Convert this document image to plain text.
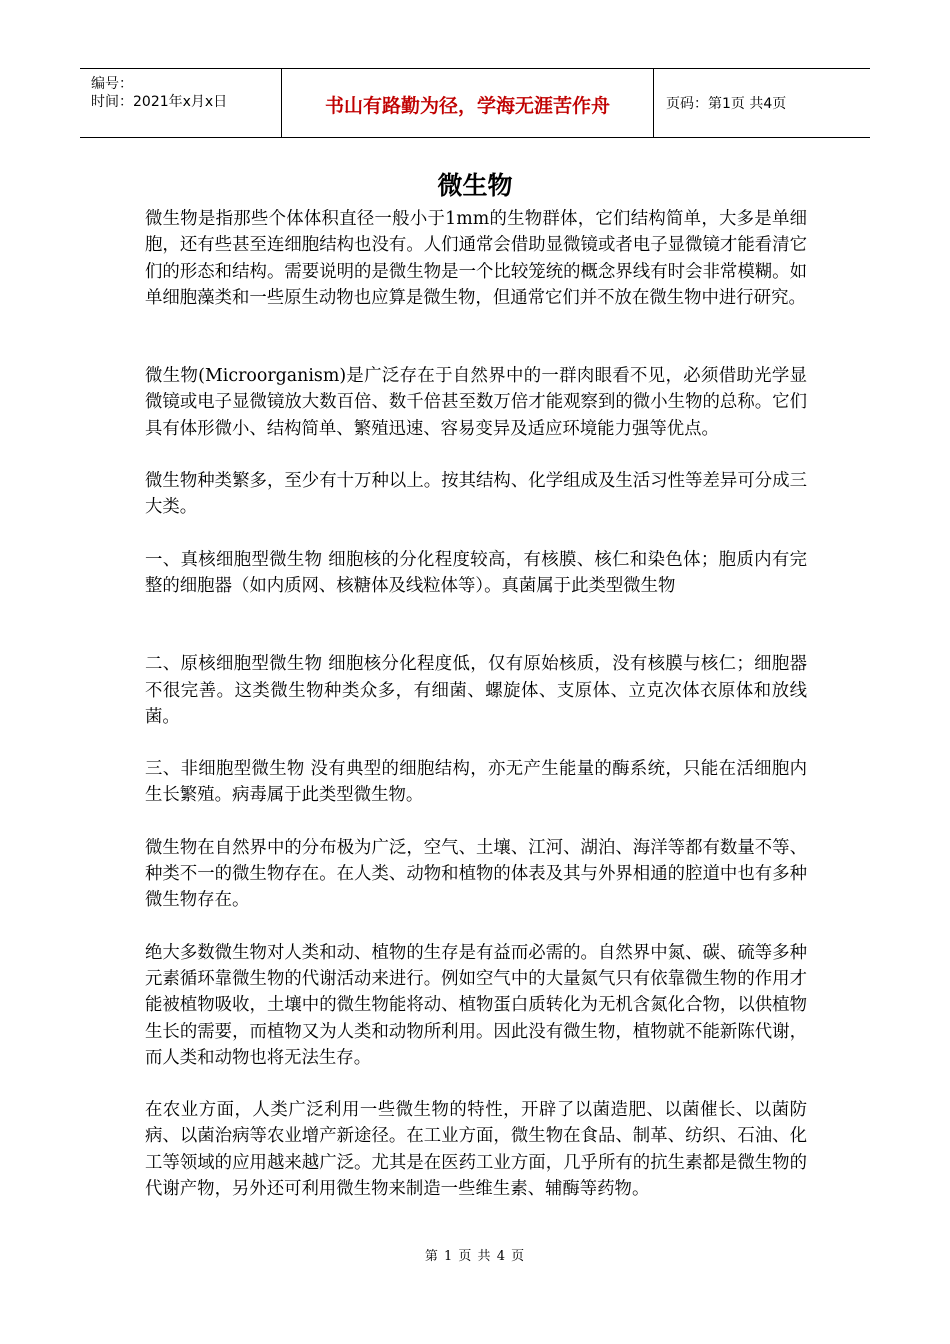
编号：
时间：2021年x月x日	书山有路勤为径，学海无涯苦作舟	页码：第1页 共4页
微生物

微生物是指那些个体体积直径一般小于1mm的生物群体，它们结构简单，大多是单细胞，还有些甚至连细胞结构也没有。人们通常会借助显微镜或者电子显微镜才能看清它们的形态和结构。需要说明的是微生物是一个比较笼统的概念界线有时会非常模糊。如单细胞藻类和一些原生动物也应算是微生物，但通常它们并不放在微生物中进行研究。

微生物(Microorganism)是广泛存在于自然界中的一群肉眼看不见，必须借助光学显微镜或电子显微镜放大数百倍、数千倍甚至数万倍才能观察到的微小生物的总称。它们具有体形微小、结构简单、繁殖迅速、容易变异及适应环境能力强等优点。

微生物种类繁多，至少有十万种以上。按其结构、化学组成及生活习性等差异可分成三大类。

一、真核细胞型微生物 细胞核的分化程度较高，有核膜、核仁和染色体；胞质内有完整的细胞器（如内质网、核糖体及线粒体等）。真菌属于此类型微生物

二、原核细胞型微生物 细胞核分化程度低，仅有原始核质，没有核膜与核仁；细胞器不很完善。这类微生物种类众多，有细菌、螺旋体、支原体、立克次体衣原体和放线菌。

三、非细胞型微生物 没有典型的细胞结构，亦无产生能量的酶系统，只能在活细胞内生长繁殖。病毒属于此类型微生物。

微生物在自然界中的分布极为广泛，空气、土壤、江河、湖泊、海洋等都有数量不等、种类不一的微生物存在。在人类、动物和植物的体表及其与外界相通的腔道中也有多种微生物存在。

绝大多数微生物对人类和动、植物的生存是有益而必需的。自然界中氮、碳、硫等多种元素循环靠微生物的代谢活动来进行。例如空气中的大量氮气只有依靠微生物的作用才能被植物吸收，土壤中的微生物能将动、植物蛋白质转化为无机含氮化合物，以供植物生长的需要，而植物又为人类和动物所利用。因此没有微生物，植物就不能新陈代谢，而人类和动物也将无法生存。

在农业方面，人类广泛利用一些微生物的特性，开辟了以菌造肥、以菌催长、以菌防病、以菌治病等农业增产新途径。在工业方面，微生物在食品、制革、纺织、石油、化工等领域的应用越来越广泛。尤其是在医药工业方面，几乎所有的抗生素都是微生物的代谢产物，另外还可利用微生物来制造一些维生素、辅酶等药物。

第 1 页 共 4 页
